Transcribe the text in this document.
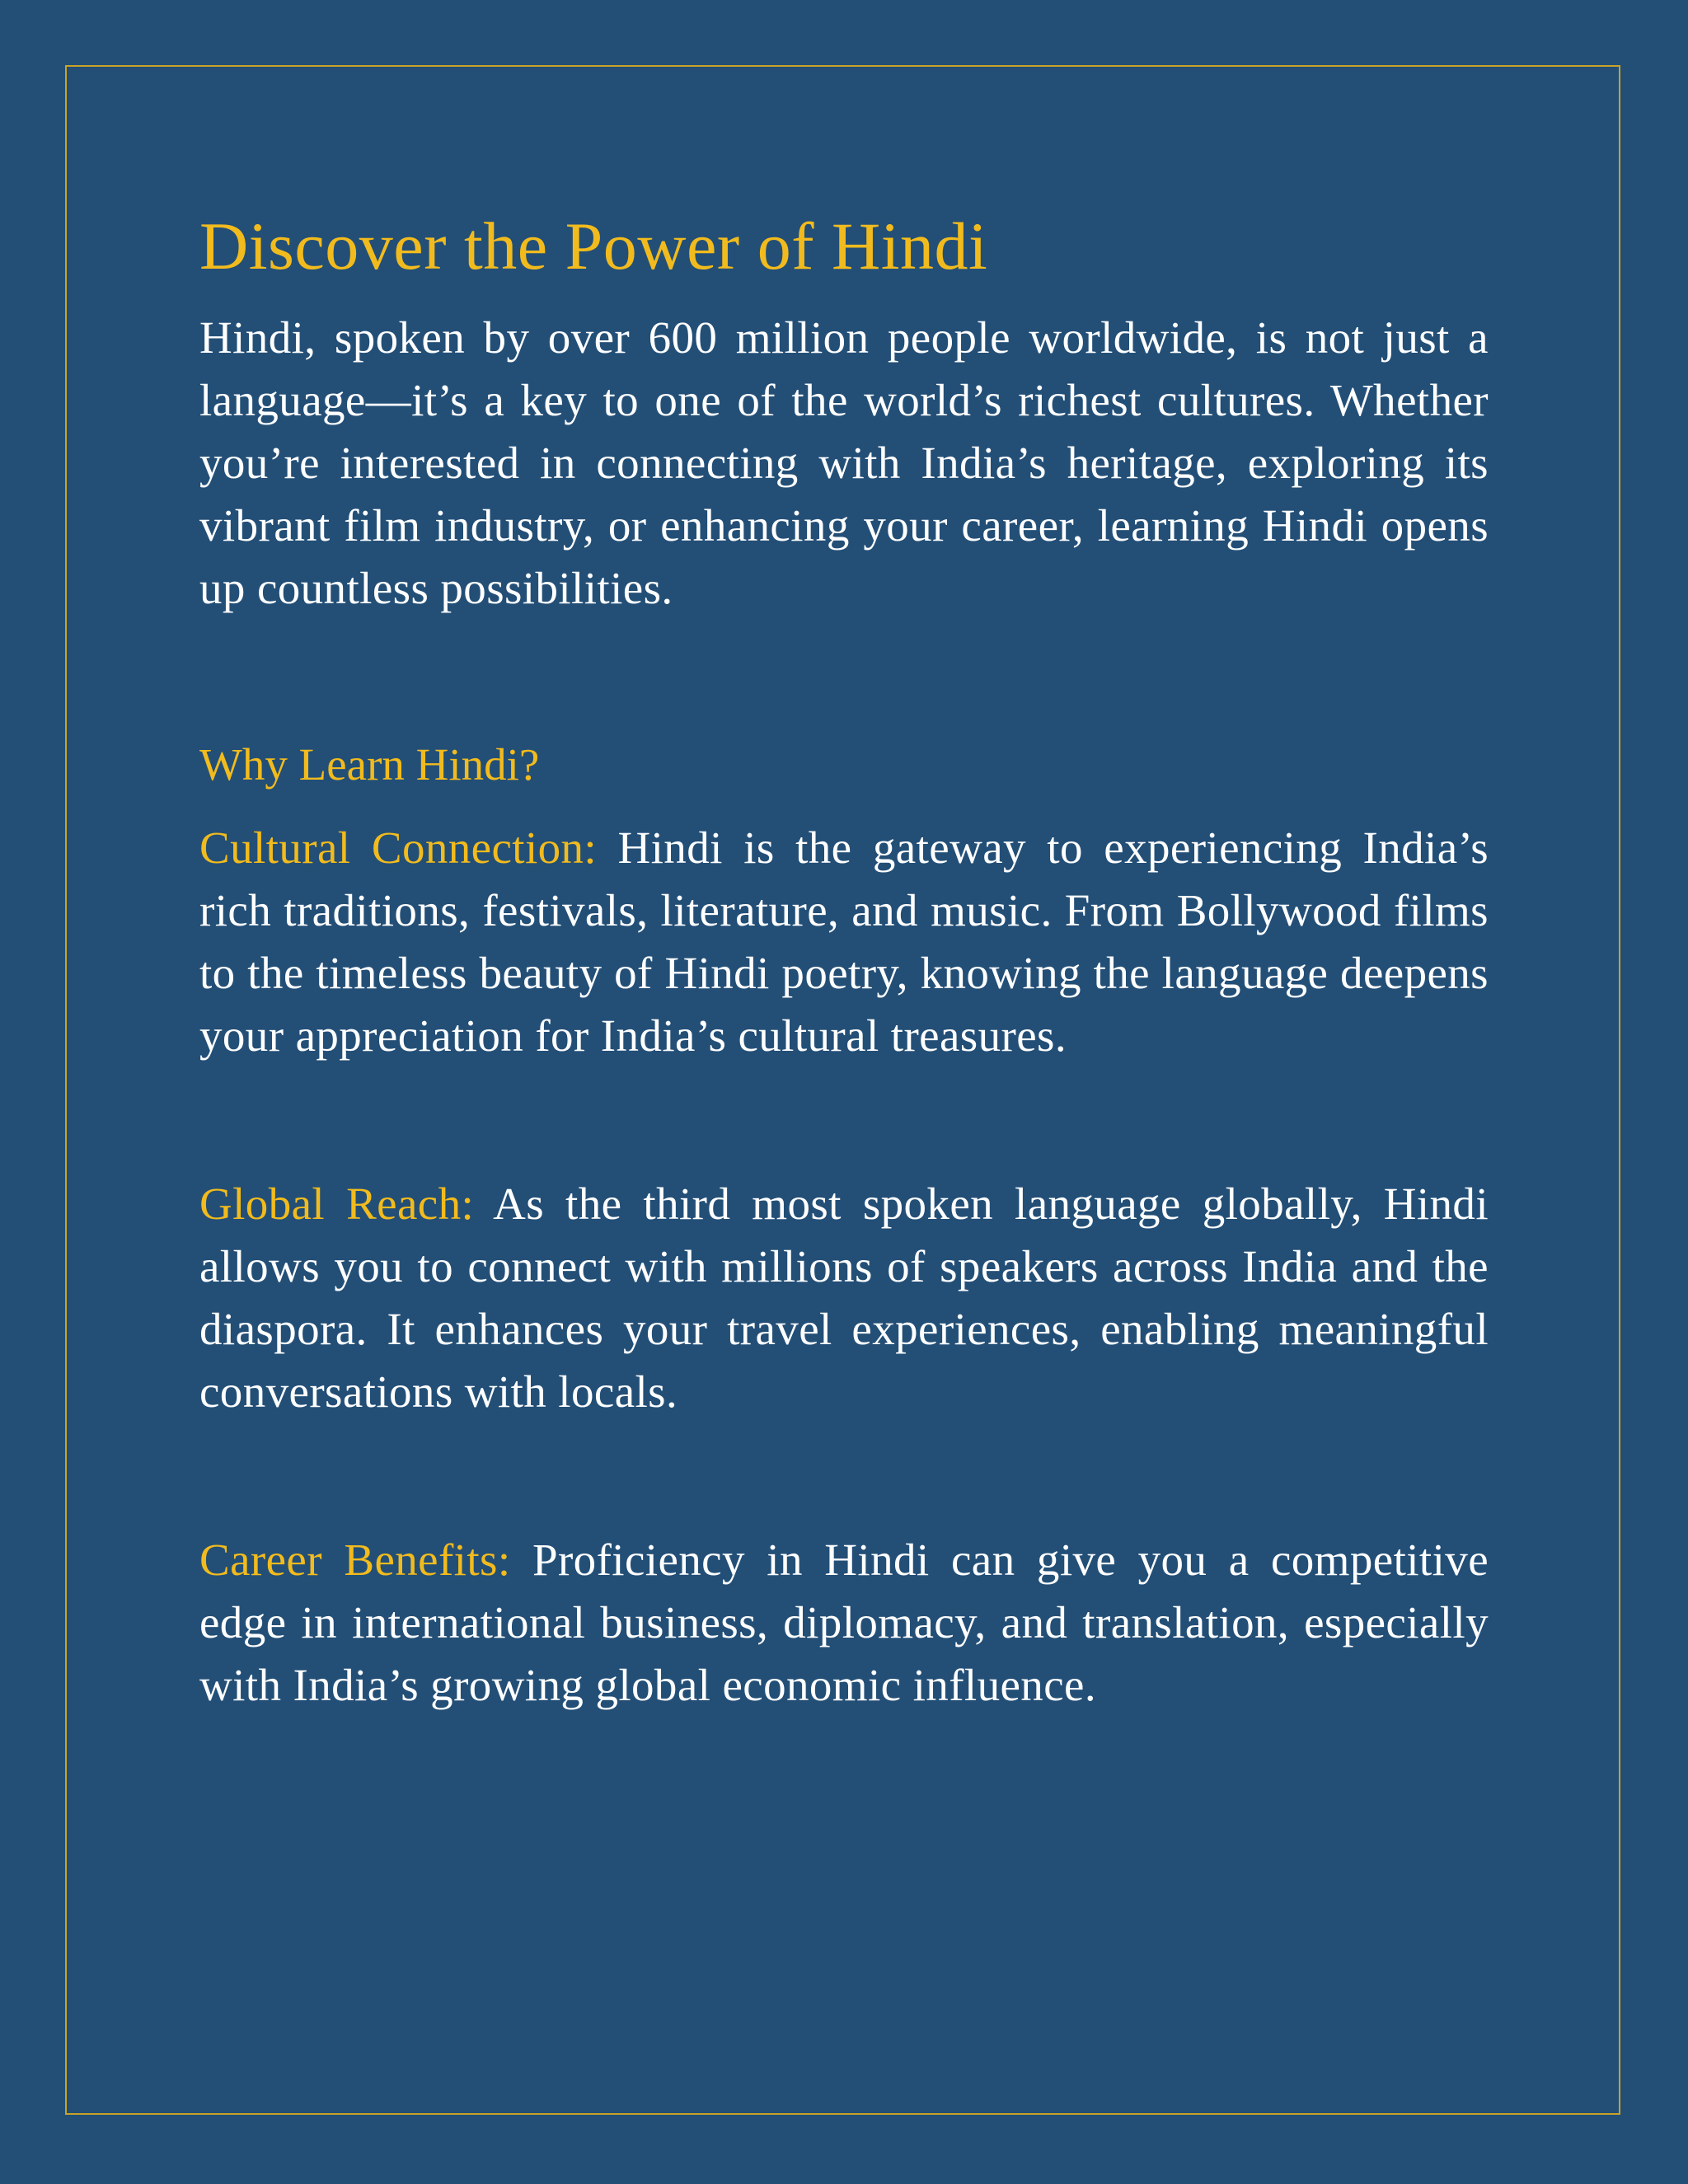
Discover the Power of Hindi

Hindi, spoken by over 600 million people worldwide, is not just a language—it’s a key to one of the world’s richest cultures. Whether you’re interested in connecting with India’s heritage, exploring its vibrant film industry, or enhancing your career, learning Hindi opens up countless possibilities.

Why Learn Hindi?

Cultural Connection: Hindi is the gateway to experiencing India’s rich traditions, festivals, literature, and music. From Bollywood films to the timeless beauty of Hindi poetry, knowing the language deepens your appreciation for India’s cultural treasures.

Global Reach: As the third most spoken language globally, Hindi allows you to connect with millions of speakers across India and the diaspora. It enhances your travel experiences, enabling meaningful conversations with locals.

Career Benefits: Proficiency in Hindi can give you a competitive edge in international business, diplomacy, and translation, especially with India’s growing global economic influence.
